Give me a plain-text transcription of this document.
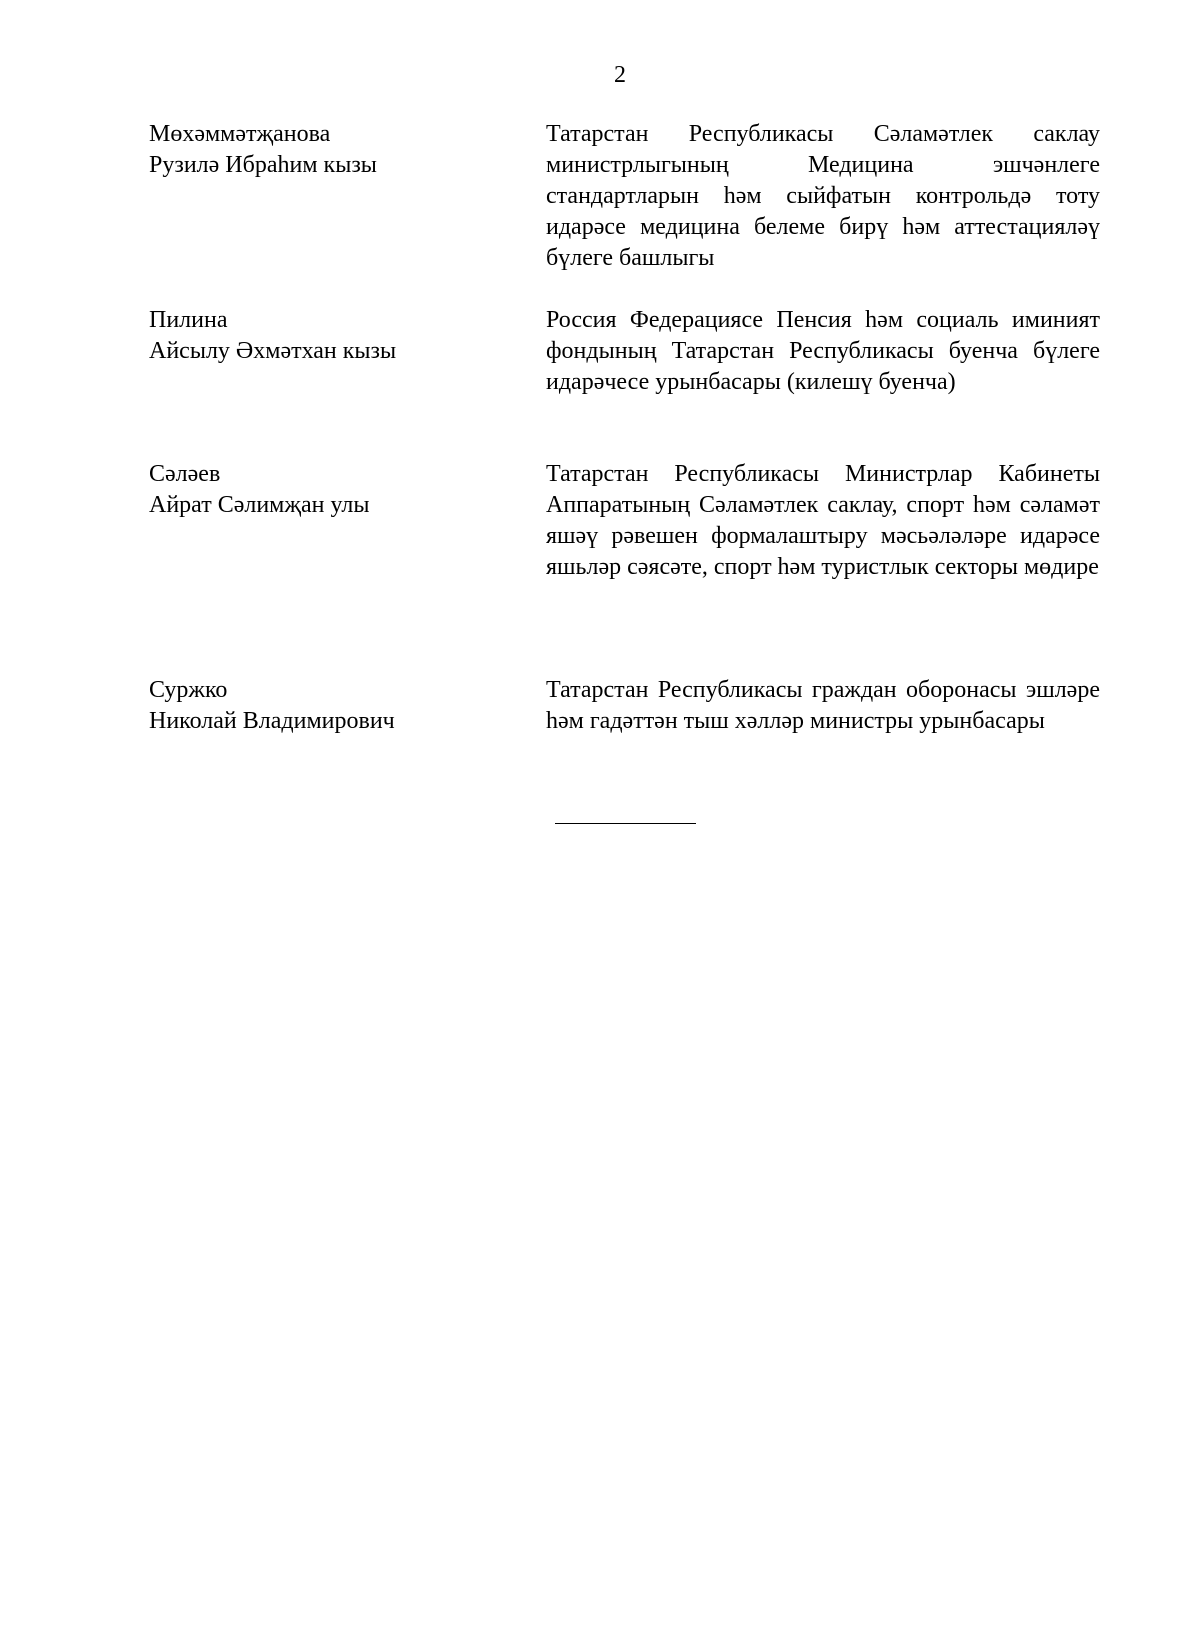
2
Мөхәммәтҗанова
Рузилә Ибраһим кызы
Татарстан Республикасы Сәламәтлек саклау министрлыгының Медицина эшчәнлеге стандартларын һәм сыйфатын контрольдә тоту идарәсе медицина белеме бирү һәм аттестацияләү бүлеге башлыгы
Пилина
Айсылу Әхмәтхан кызы
Россия Федерациясе Пенсия һәм социаль иминият фондының Татарстан Республикасы буенча бүлеге идарәчесе урынбасары (килешү буенча)
Сәләев
Айрат Сәлимҗан улы
Татарстан Республикасы Министрлар Кабинеты Аппаратының Сәламәтлек саклау, спорт һәм сәламәт яшәү рәвешен формалаштыру мәсьәләләре идарәсе яшьләр сәясәте, спорт һәм туристлык секторы мөдире
Суржко
Николай Владимирович
Татарстан Республикасы граждан оборонасы эшләре һәм гадәттән тыш хәлләр министры урынбасары
